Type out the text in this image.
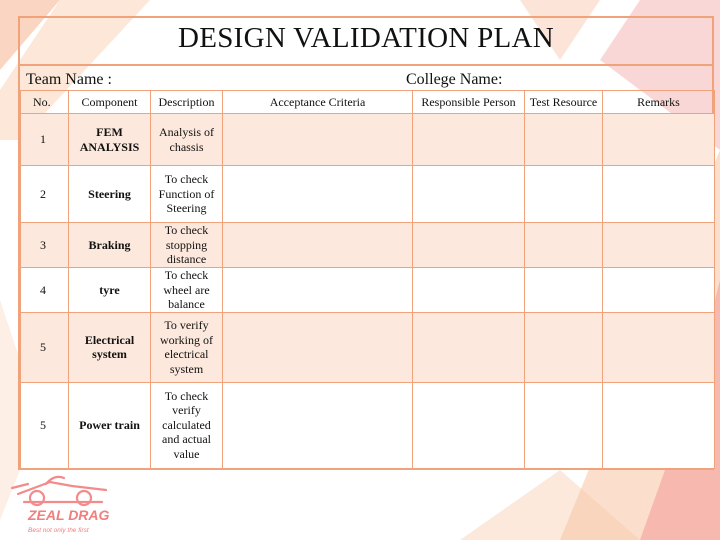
DESIGN VALIDATION PLAN
Team Name :	College Name:
No.	Component	Description	Acceptance Criteria	Responsible Person	Test Resource	Remarks
1	FEM ANALYSIS	Analysis of chassis				
2	Steering	To check Function of Steering				
3	Braking	To check stopping distance				
4	tyre	To check wheel are balance				
5	Electrical system	To verify working of electrical system				
5	Power train	To check verify calculated and actual value				
ZEAL DRAG
Best not only the first
